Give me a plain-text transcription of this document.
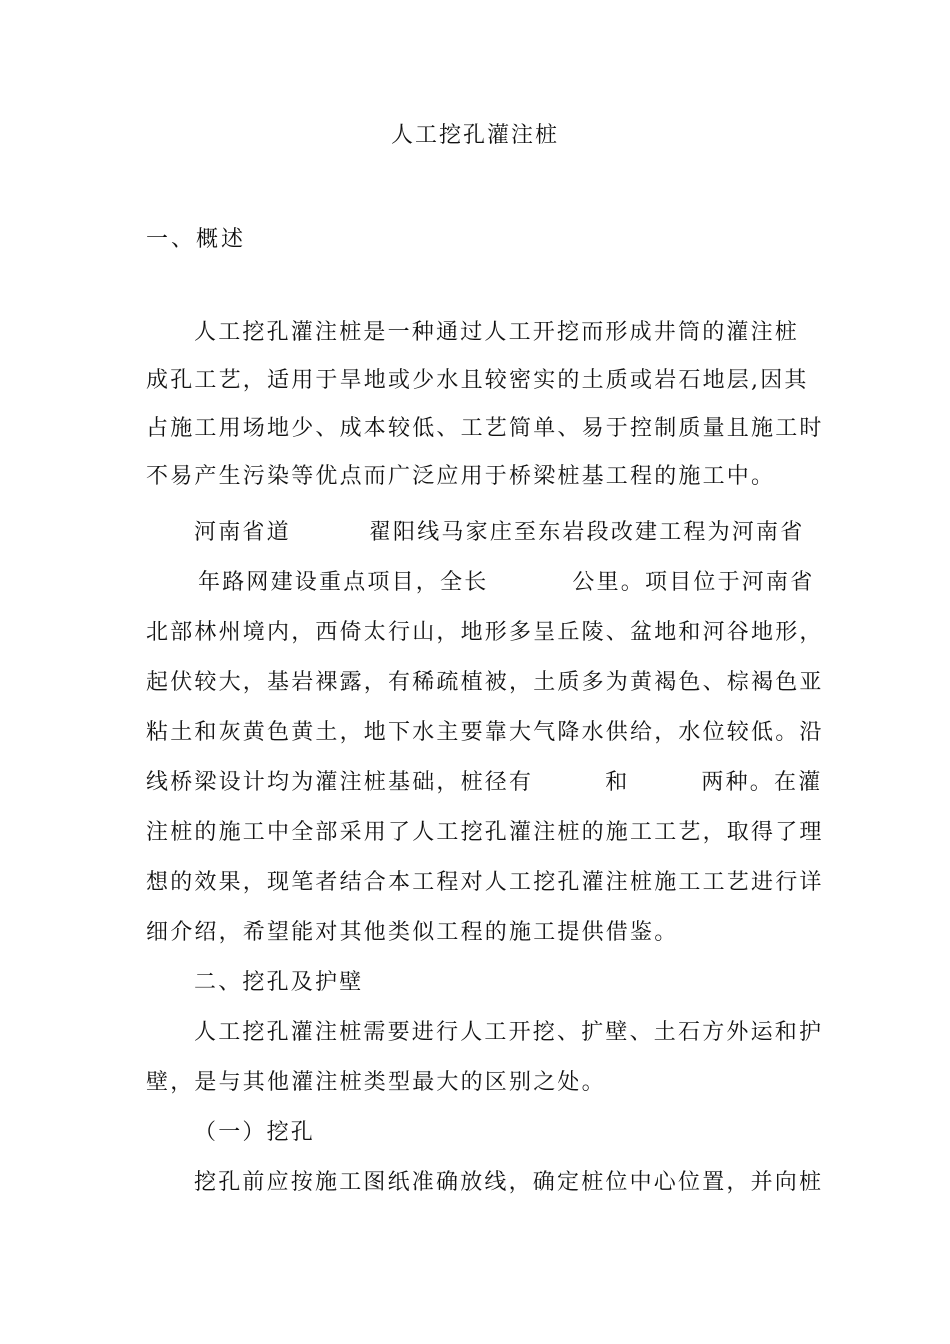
人工挖孔灌注桩
一、概述
人工挖孔灌注桩是一种通过人工开挖而形成井筒的灌注桩
成孔工艺，适用于旱地或少水且较密实的土质或岩石地层,因其
占施工用场地少、成本较低、工艺简单、易于控制质量且施工时
不易产生污染等优点而广泛应用于桥梁桩基工程的施工中。
河南省道	翟阳线马家庄至东岩段改建工程为河南省
年路网建设重点项目，全长	公里。项目位于河南省
北部林州境内，西倚太行山，地形多呈丘陵、盆地和河谷地形，
起伏较大，基岩裸露，有稀疏植被，土质多为黄褐色、棕褐色亚
粘土和灰黄色黄土，地下水主要靠大气降水供给，水位较低。沿
线桥梁设计均为灌注桩基础，桩径有	和	两种。在灌
注桩的施工中全部采用了人工挖孔灌注桩的施工工艺，取得了理
想的效果，现笔者结合本工程对人工挖孔灌注桩施工工艺进行详
细介绍，希望能对其他类似工程的施工提供借鉴。
二、挖孔及护壁
人工挖孔灌注桩需要进行人工开挖、扩壁、土石方外运和护
壁，是与其他灌注桩类型最大的区别之处。
（一）挖孔
挖孔前应按施工图纸准确放线，确定桩位中心位置，并向桩
